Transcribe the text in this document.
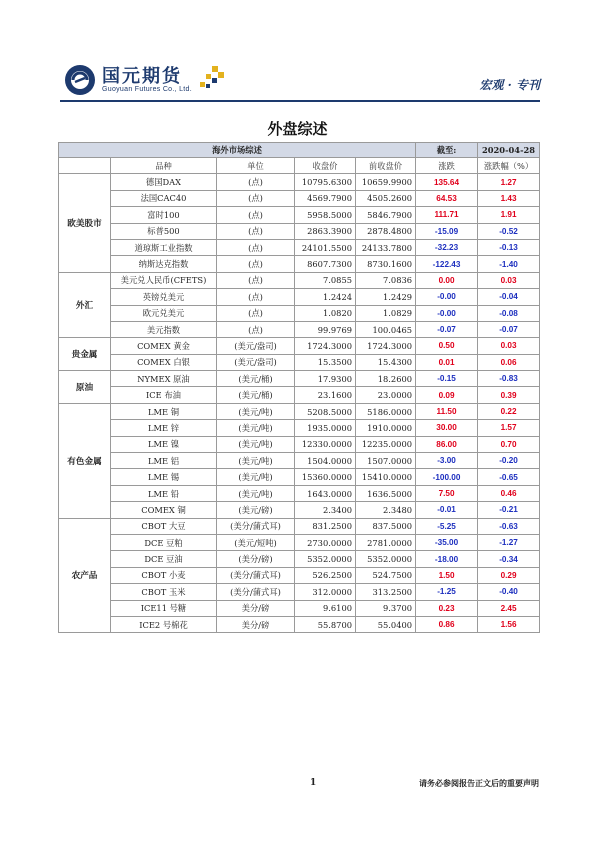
国元期货
Guoyuan Futures Co., Ltd.	宏观 · 专刊
外盘综述
海外市场综述					截至:	2020-04-28
	品种	单位	收盘价	前收盘价	涨跌	涨跌幅（%）
欧美股市	德国DAX	(点)	10795.6300	10659.9900	135.64	1.27
	法国CAC40	(点)	4569.7900	4505.2600	64.53	1.43
	富时100	(点)	5958.5000	5846.7900	111.71	1.91
	标普500	(点)	2863.3900	2878.4800	-15.09	-0.52
	道琼斯工业指数	(点)	24101.5500	24133.7800	-32.23	-0.13
	纳斯达克指数	(点)	8607.7300	8730.1600	-122.43	-1.40
外汇	美元兑人民币(CFETS)	(点)	7.0855	7.0836	0.00	0.03
	英镑兑美元	(点)	1.2424	1.2429	-0.00	-0.04
	欧元兑美元	(点)	1.0820	1.0829	-0.00	-0.08
	美元指数	(点)	99.9769	100.0465	-0.07	-0.07
贵金属	COMEX 黄金	(美元/盎司)	1724.3000	1724.3000	0.50	0.03
	COMEX 白银	(美元/盎司)	15.3500	15.4300	0.01	0.06
原油	NYMEX 原油	(美元/桶)	17.9300	18.2600	-0.15	-0.83
	ICE 布油	(美元/桶)	23.1600	23.0000	0.09	0.39
有色金属	LME 铜	(美元/吨)	5208.5000	5186.0000	11.50	0.22
	LME 锌	(美元/吨)	1935.0000	1910.0000	30.00	1.57
	LME 镍	(美元/吨)	12330.0000	12235.0000	86.00	0.70
	LME 铝	(美元/吨)	1504.0000	1507.0000	-3.00	-0.20
	LME 锡	(美元/吨)	15360.0000	15410.0000	-100.00	-0.65
	LME 铅	(美元/吨)	1643.0000	1636.5000	7.50	0.46
	COMEX 铜	(美元/磅)	2.3400	2.3480	-0.01	-0.21
农产品	CBOT 大豆	(美分/蒲式耳)	831.2500	837.5000	-5.25	-0.63
	DCE 豆粕	(美元/短吨)	2730.0000	2781.0000	-35.00	-1.27
	DCE 豆油	(美分/磅)	5352.0000	5352.0000	-18.00	-0.34
	CBOT 小麦	(美分/蒲式耳)	526.2500	524.7500	1.50	0.29
	CBOT 玉米	(美分/蒲式耳)	312.0000	313.2500	-1.25	-0.40
	ICE11 号糖	美分/磅	9.6100	9.3700	0.23	2.45
	ICE2 号棉花	美分/磅	55.8700	55.0400	0.86	1.56
1	请务必参阅报告正文后的重要声明
